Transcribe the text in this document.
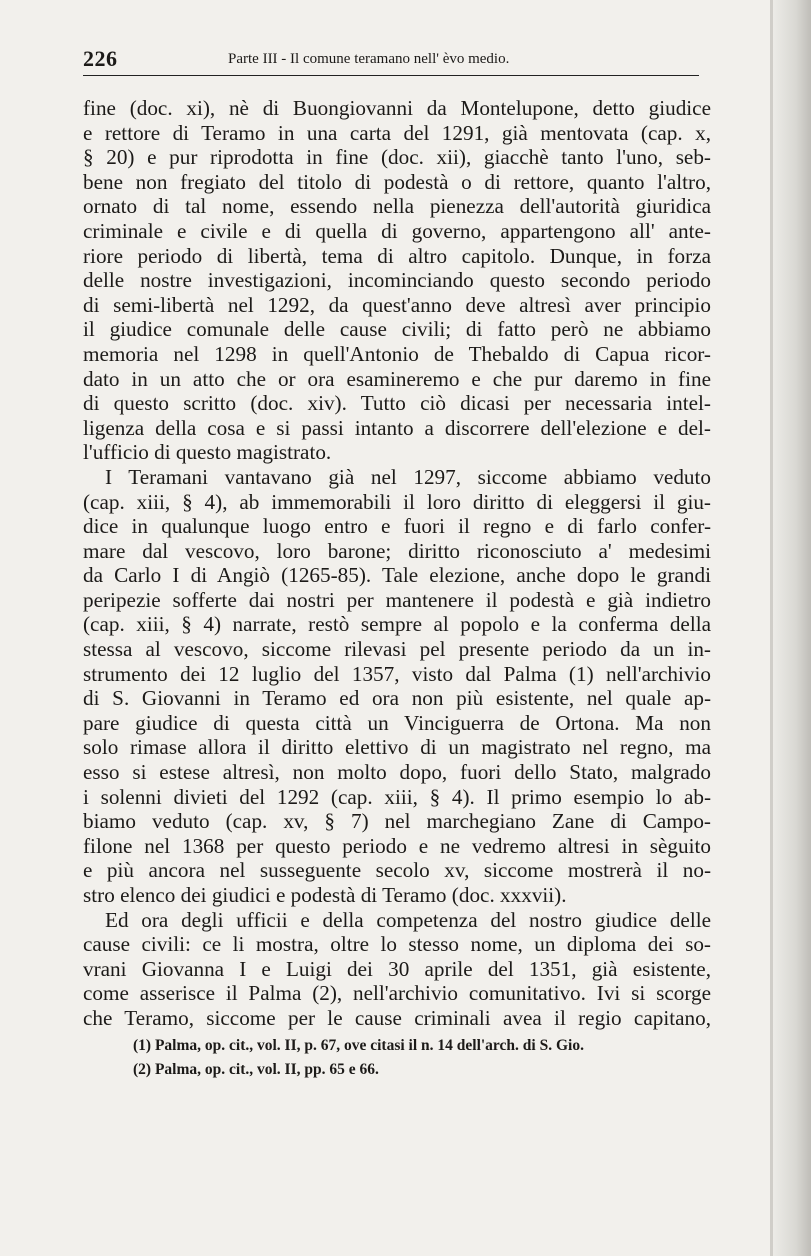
226	Parte III - Il comune teramano nell' èvo medio.
fine (doc. xi), nè di Buongiovanni da Montelupone, detto giudice
e rettore di Teramo in una carta del 1291, già mentovata (cap. x,
§ 20) e pur riprodotta in fine (doc. xii), giacchè tanto l'uno, seb-
bene non fregiato del titolo di podestà o di rettore, quanto l'altro,
ornato di tal nome, essendo nella pienezza dell'autorità giuridica
criminale e civile e di quella di governo, appartengono all' ante-
riore periodo di libertà, tema di altro capitolo. Dunque, in forza
delle nostre investigazioni, incominciando questo secondo periodo
di semi-libertà nel 1292, da quest'anno deve altresì aver principio
il giudice comunale delle cause civili; di fatto però ne abbiamo
memoria nel 1298 in quell'Antonio de Thebaldo di Capua ricor-
dato in un atto che or ora esamineremo e che pur daremo in fine
di questo scritto (doc. xiv). Tutto ciò dicasi per necessaria intel-
ligenza della cosa e si passi intanto a discorrere dell'elezione e del-
l'ufficio di questo magistrato.
I Teramani vantavano già nel 1297, siccome abbiamo veduto
(cap. xiii, § 4), ab immemorabili il loro diritto di eleggersi il giu-
dice in qualunque luogo entro e fuori il regno e di farlo confer-
mare dal vescovo, loro barone; diritto riconosciuto a' medesimi
da Carlo I di Angiò (1265-85). Tale elezione, anche dopo le grandi
peripezie sofferte dai nostri per mantenere il podestà e già indietro
(cap. xiii, § 4) narrate, restò sempre al popolo e la conferma della
stessa al vescovo, siccome rilevasi pel presente periodo da un in-
strumento dei 12 luglio del 1357, visto dal Palma (1) nell'archivio
di S. Giovanni in Teramo ed ora non più esistente, nel quale ap-
pare giudice di questa città un Vinciguerra de Ortona. Ma non
solo rimase allora il diritto elettivo di un magistrato nel regno, ma
esso si estese altresì, non molto dopo, fuori dello Stato, malgrado
i solenni divieti del 1292 (cap. xiii, § 4). Il primo esempio lo ab-
biamo veduto (cap. xv, § 7) nel marchegiano Zane di Campo-
filone nel 1368 per questo periodo e ne vedremo altresi in sèguito
e più ancora nel susseguente secolo xv, siccome mostrerà il no-
stro elenco dei giudici e podestà di Teramo (doc. xxxvii).
Ed ora degli ufficii e della competenza del nostro giudice delle
cause civili: ce li mostra, oltre lo stesso nome, un diploma dei so-
vrani Giovanna I e Luigi dei 30 aprile del 1351, già esistente,
come asserisce il Palma (2), nell'archivio comunitativo. Ivi si scorge
che Teramo, siccome per le cause criminali avea il regio capitano,
(1) Palma, op. cit., vol. II, p. 67, ove citasi il n. 14 dell'arch. di S. Gio.
(2) Palma, op. cit., vol. II, pp. 65 e 66.
